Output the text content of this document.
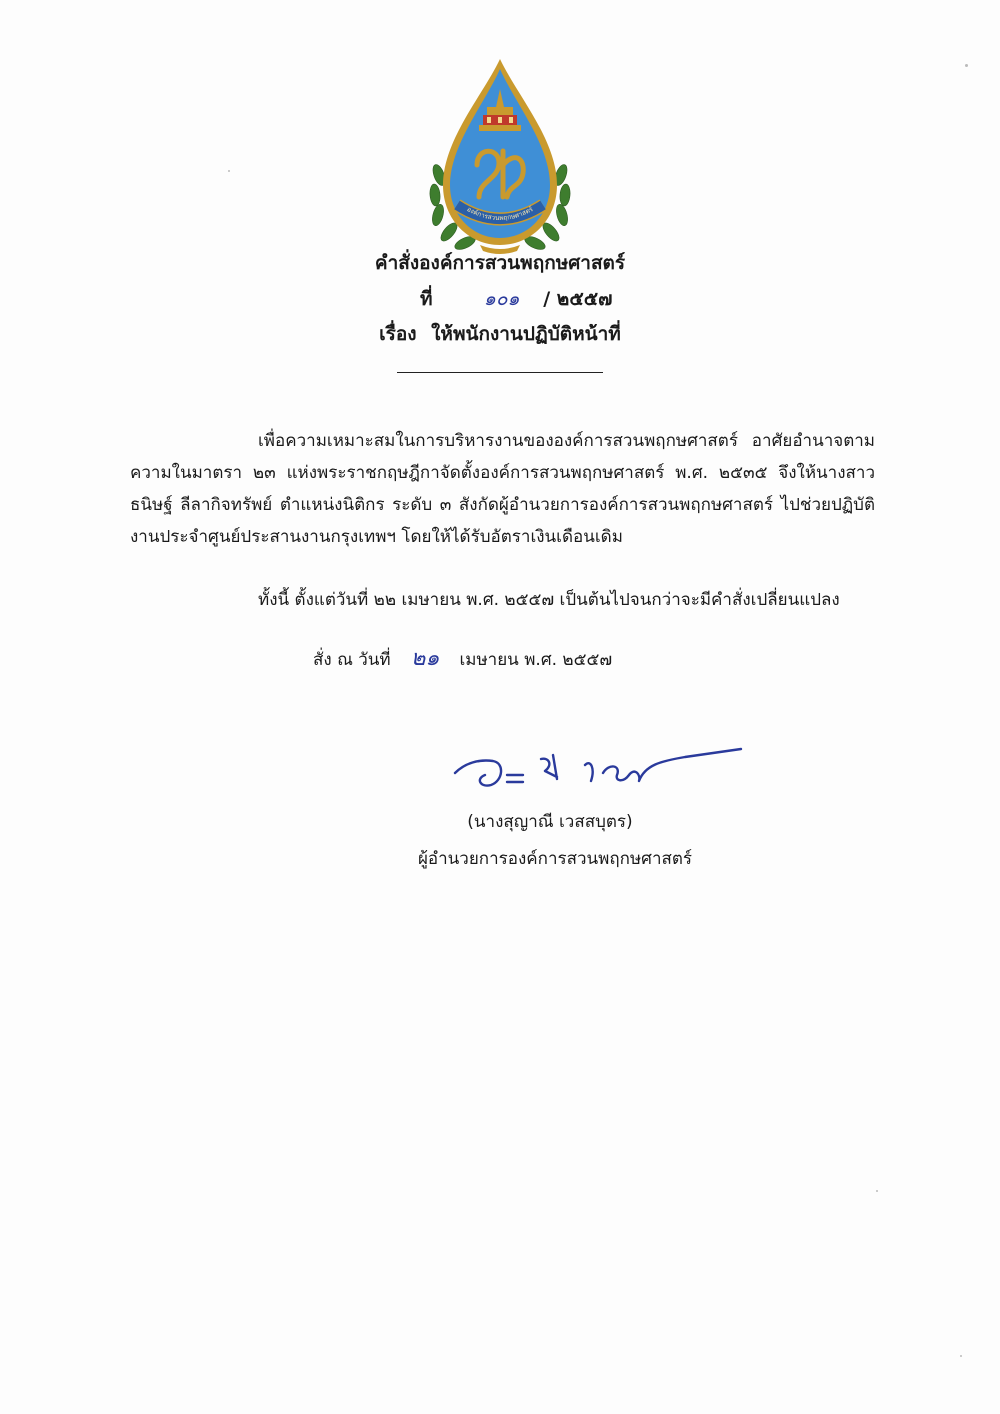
องค์การสวนพฤกษศาสตร์
คำสั่งองค์การสวนพฤกษศาสตร์
ที่	๑๐๑ / ๒๕๕๗
เรื่อง ให้พนักงานปฏิบัติหน้าที่
เพื่อความเหมาะสมในการบริหารงานขององค์การสวนพฤกษศาสตร์ อาศัยอำนาจตามความในมาตรา ๒๓ แห่งพระราชกฤษฎีกาจัดตั้งองค์การสวนพฤกษศาสตร์ พ.ศ. ๒๕๓๕ จึงให้นางสาวธนิษฐ์ ลีลากิจทรัพย์ ตำแหน่งนิติกร ระดับ ๓ สังกัดผู้อำนวยการองค์การสวนพฤกษศาสตร์ ไปช่วยปฏิบัติงานประจำศูนย์ประสานงานกรุงเทพฯ โดยให้ได้รับอัตราเงินเดือนเดิม
ทั้งนี้ ตั้งแต่วันที่ ๒๒ เมษายน พ.ศ. ๒๕๕๗ เป็นต้นไปจนกว่าจะมีคำสั่งเปลี่ยนแปลง
สั่ง ณ วันที่ ๒๑ เมษายน พ.ศ. ๒๕๕๗
(นางสุญาณี เวสสบุตร)
ผู้อำนวยการองค์การสวนพฤกษศาสตร์
